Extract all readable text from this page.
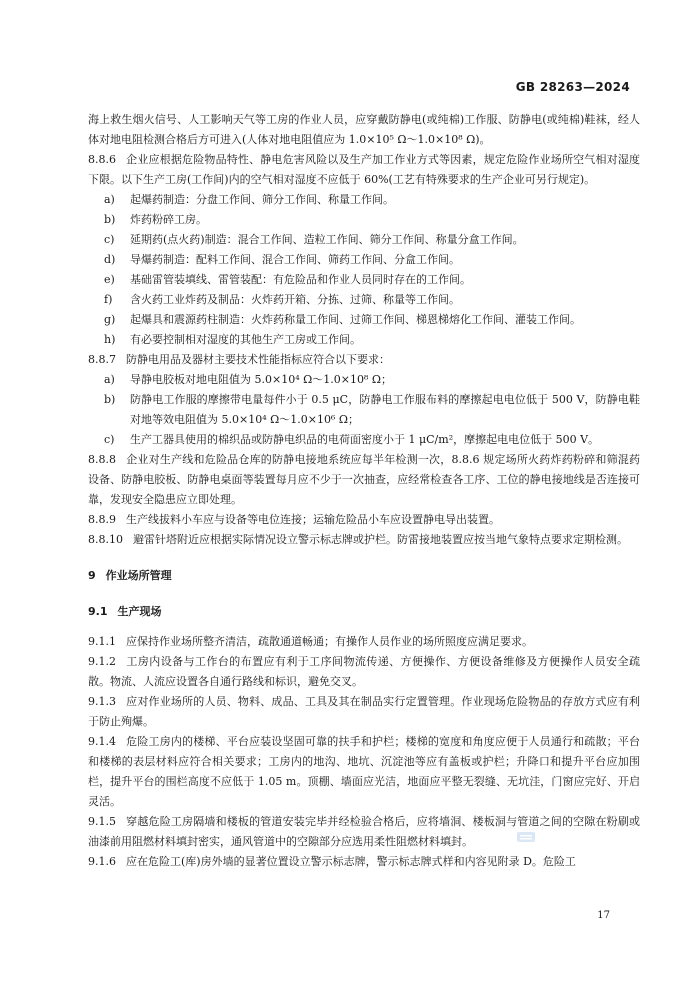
GB 28263—2024

海上救生烟火信号、人工影响天气等工房的作业人员，应穿戴防静电(或纯棉)工作服、防静电(或纯棉)鞋袜，经人体对地电阻检测合格后方可进入(人体对地电阻值应为 1.0×10⁵ Ω～1.0×10⁸ Ω)。

8.8.6 企业应根据危险物品特性、静电危害风险以及生产加工作业方式等因素，规定危险作业场所空气相对湿度下限。以下生产工房(工作间)内的空气相对湿度不应低于 60%(工艺有特殊要求的生产企业可另行规定)。

a)	起爆药制造：分盘工作间、筛分工作间、称量工作间。
b)	炸药粉碎工房。
c)	延期药(点火药)制造：混合工作间、造粒工作间、筛分工作间、称量分盒工作间。
d)	导爆药制造：配料工作间、混合工作间、筛药工作间、分盒工作间。
e)	基础雷管装填线、雷管装配：有危险品和作业人员同时存在的工作间。
f)	含火药工业炸药及制品：火炸药开箱、分拣、过筛、称量等工作间。
g)	起爆具和震源药柱制造：火炸药称量工作间、过筛工作间、梯恩梯熔化工作间、灌装工作间。
h)	有必要控制相对湿度的其他生产工房或工作间。

8.8.7 防静电用品及器材主要技术性能指标应符合以下要求：

a)	导静电胶板对地电阻值为 5.0×10⁴ Ω～1.0×10⁸ Ω；
b)	防静电工作服的摩擦带电量每件小于 0.5 μC，防静电工作服布料的摩擦起电电位低于 500 V，防静电鞋对地等效电阻值为 5.0×10⁴ Ω～1.0×10⁶ Ω；
c)	生产工器具使用的棉织品或防静电织品的电荷面密度小于 1 μC/m²，摩擦起电电位低于 500 V。

8.8.8 企业对生产线和危险品仓库的防静电接地系统应每半年检测一次，8.8.6 规定场所火药炸药粉碎和筛混药设备、防静电胶板、防静电桌面等装置每月应不少于一次抽查，应经常检查各工序、工位的静电接地线是否连接可靠，发现安全隐患应立即处理。

8.8.9 生产线拔料小车应与设备等电位连接；运输危险品小车应设置静电导出装置。

8.8.10 避雷针塔附近应根据实际情况设立警示标志牌或护栏。防雷接地装置应按当地气象特点要求定期检测。

9 作业场所管理
9.1 生产现场

9.1.1 应保持作业场所整齐清洁，疏散通道畅通；有操作人员作业的场所照度应满足要求。

9.1.2 工房内设备与工作台的布置应有利于工序间物流传递、方便操作、方便设备维修及方便操作人员安全疏散。物流、人流应设置各自通行路线和标识，避免交叉。

9.1.3 应对作业场所的人员、物料、成品、工具及其在制品实行定置管理。作业现场危险物品的存放方式应有利于防止殉爆。

9.1.4 危险工房内的楼梯、平台应装设坚固可靠的扶手和护栏；楼梯的宽度和角度应便于人员通行和疏散；平台和楼梯的表层材料应符合相关要求；工房内的地沟、地坑、沉淀池等应有盖板或护栏；升降口和提升平台应加围栏，提升平台的围栏高度不应低于 1.05 m。顶棚、墙面应光洁，地面应平整无裂缝、无坑洼，门窗应完好、开启灵活。

9.1.5 穿越危险工房隔墙和楼板的管道安装完毕并经检验合格后，应将墙洞、楼板洞与管道之间的空隙在粉刷或油漆前用阻燃材料填封密实，通风管道中的空隙部分应选用柔性阻燃材料填封。

9.1.6 应在危险工(库)房外墙的显著位置设立警示标志牌，警示标志牌式样和内容见附录 D。危险工

17
